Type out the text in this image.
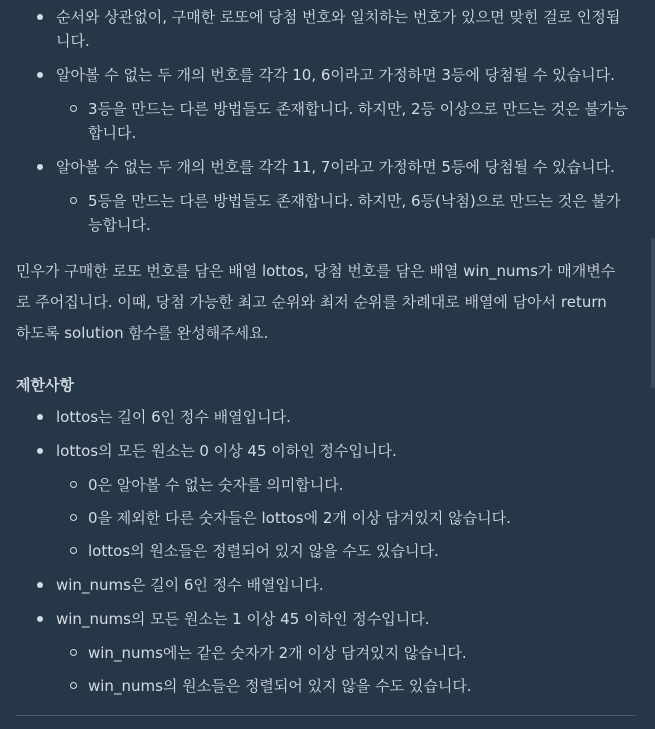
순서와 상관없이, 구매한 로또에 당첨 번호와 일치하는 번호가 있으면 맞힌 걸로 인정됩니다.
알아볼 수 없는 두 개의 번호를 각각 10, 6이라고 가정하면 3등에 당첨될 수 있습니다.
3등을 만드는 다른 방법들도 존재합니다. 하지만, 2등 이상으로 만드는 것은 불가능합니다.
알아볼 수 없는 두 개의 번호를 각각 11, 7이라고 가정하면 5등에 당첨될 수 있습니다.
5등을 만드는 다른 방법들도 존재합니다. 하지만, 6등(낙첨)으로 만드는 것은 불가능합니다.

민우가 구매한 로또 번호를 담은 배열 lottos, 당첨 번호를 담은 배열 win_nums가 매개변수로 주어집니다. 이때, 당첨 가능한 최고 순위와 최저 순위를 차례대로 배열에 담아서 return 하도록 solution 함수를 완성해주세요.

제한사항
lottos는 길이 6인 정수 배열입니다.
lottos의 모든 원소는 0 이상 45 이하인 정수입니다.
0은 알아볼 수 없는 숫자를 의미합니다.
0을 제외한 다른 숫자들은 lottos에 2개 이상 담겨있지 않습니다.
lottos의 원소들은 정렬되어 있지 않을 수도 있습니다.
win_nums은 길이 6인 정수 배열입니다.
win_nums의 모든 원소는 1 이상 45 이하인 정수입니다.
win_nums에는 같은 숫자가 2개 이상 담겨있지 않습니다.
win_nums의 원소들은 정렬되어 있지 않을 수도 있습니다.
